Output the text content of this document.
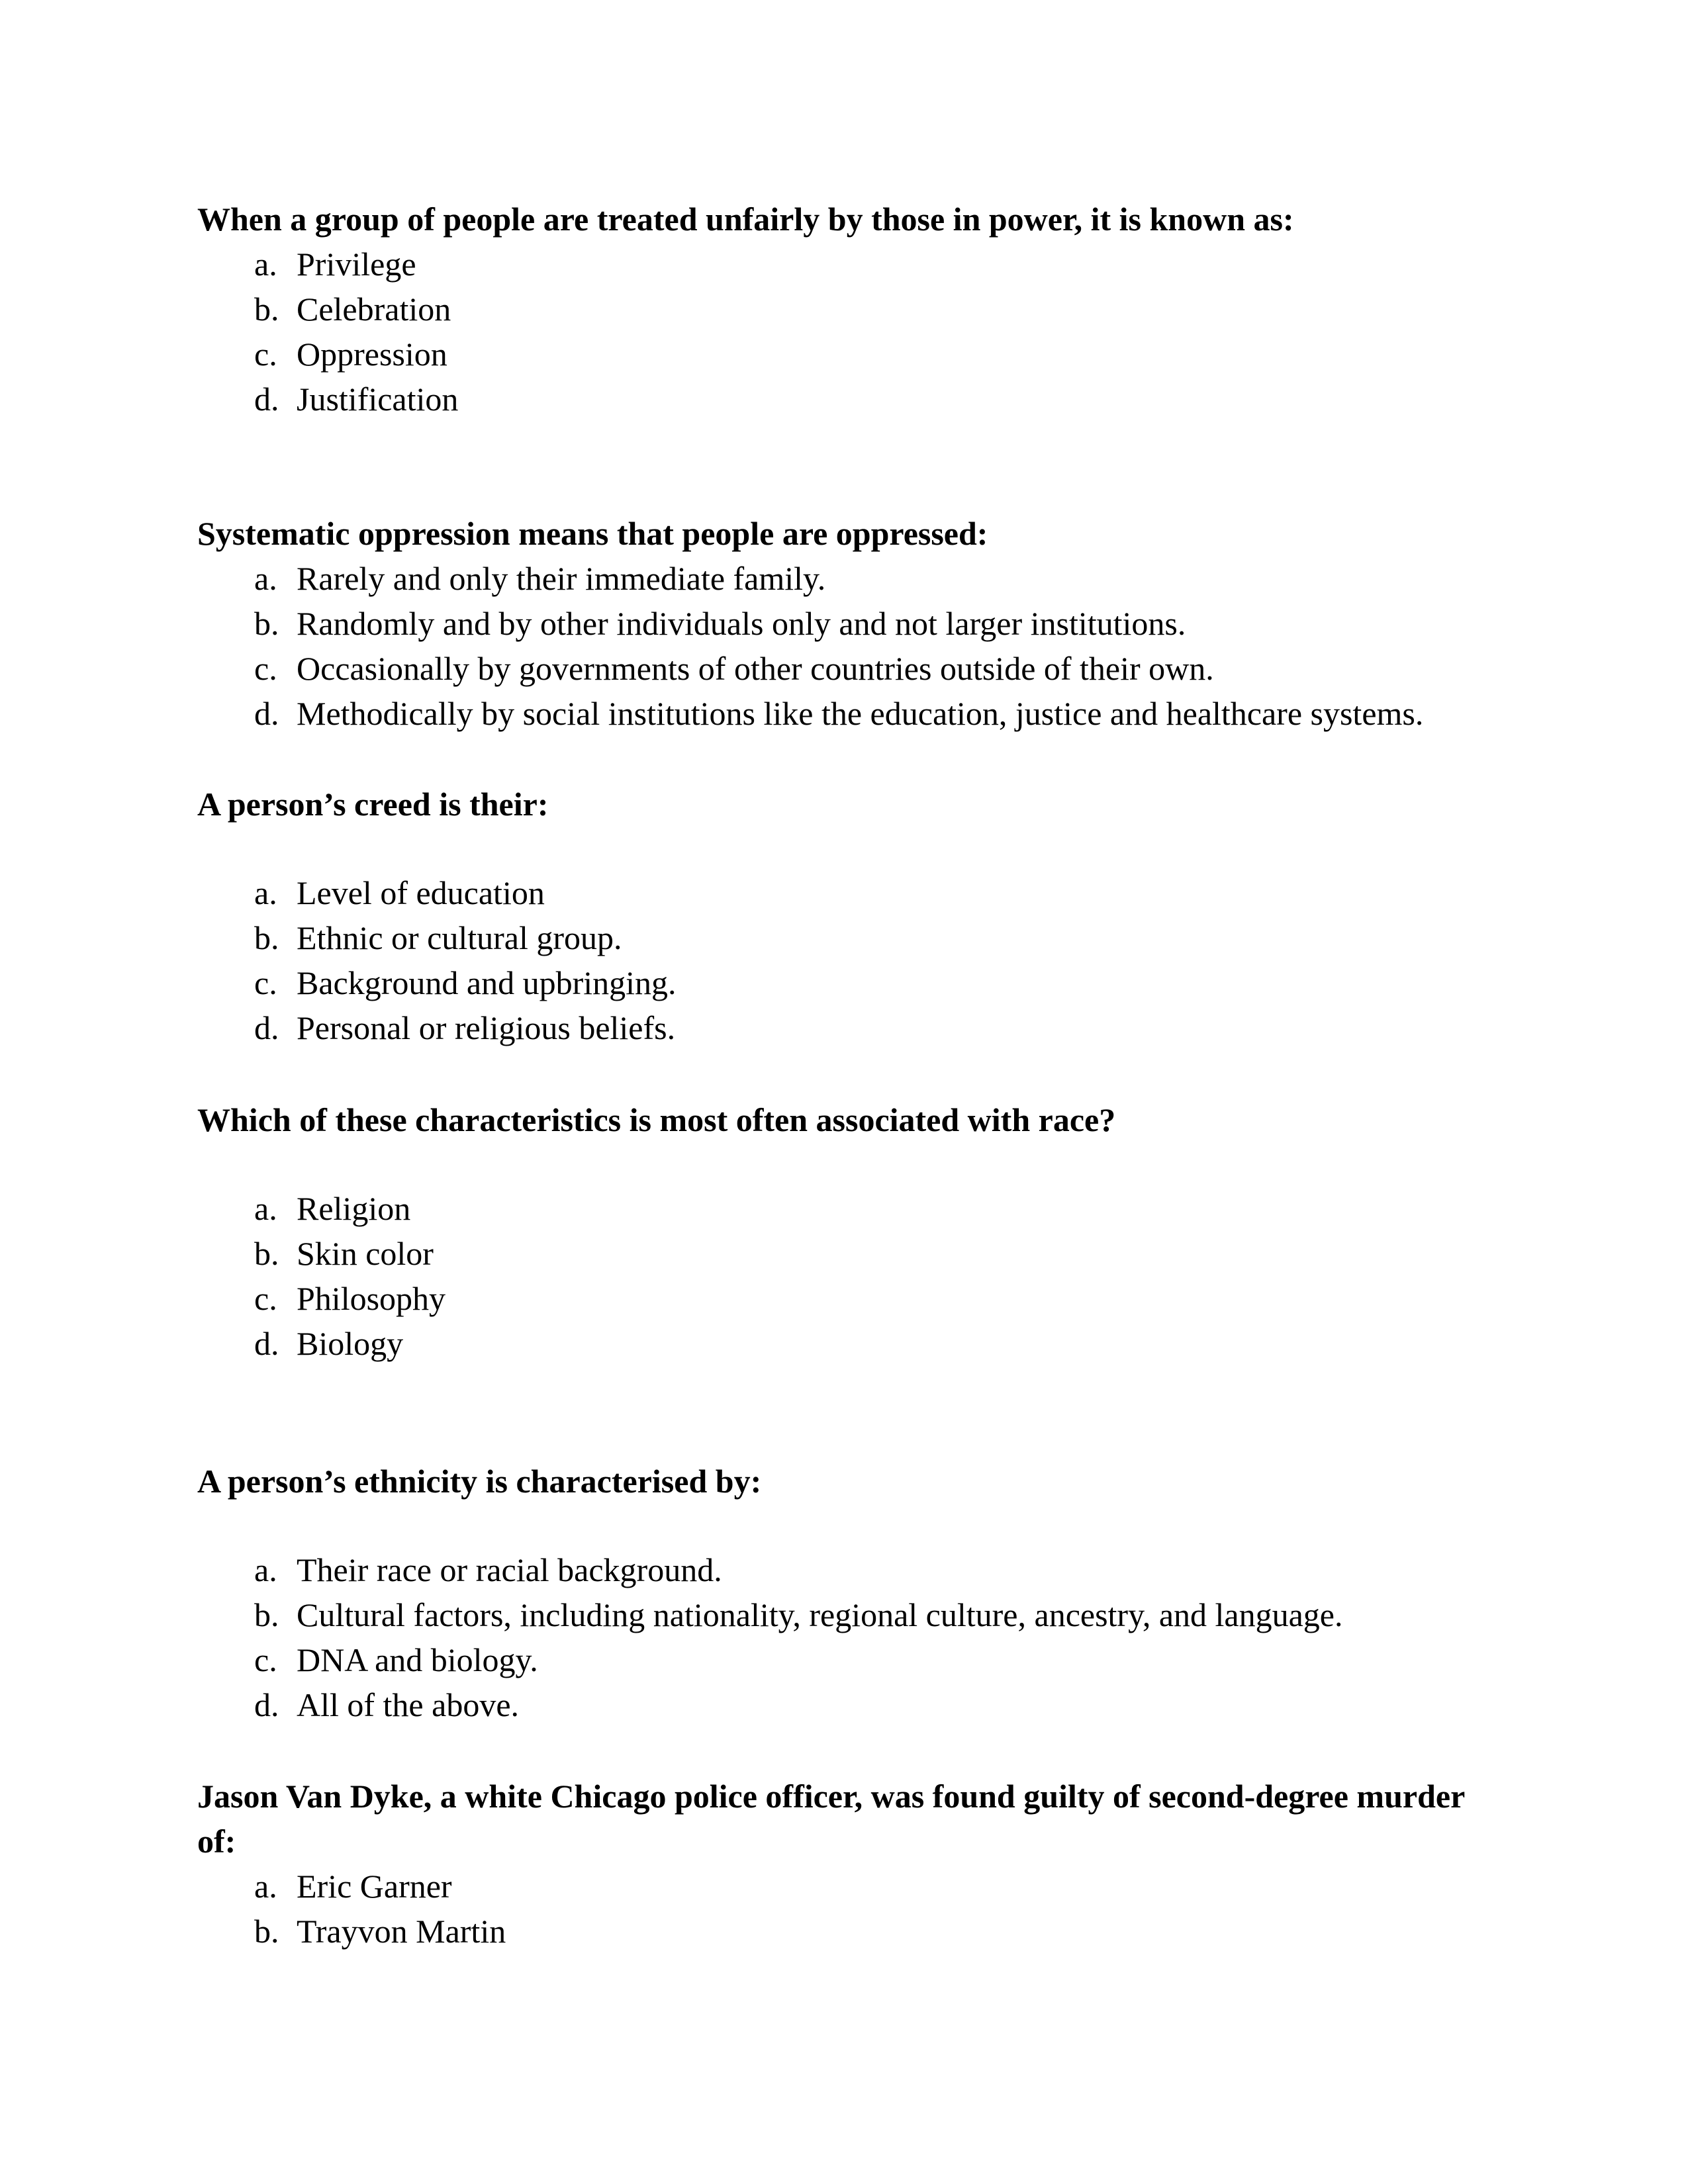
When a group of people are treated unfairly by those in power, it is known as:

a. Privilege
b. Celebration
c. Oppression
d. Justification

Systematic oppression means that people are oppressed:

a. Rarely and only their immediate family.
b. Randomly and by other individuals only and not larger institutions.
c. Occasionally by governments of other countries outside of their own.
d. Methodically by social institutions like the education, justice and healthcare systems.

A person’s creed is their:

a. Level of education
b. Ethnic or cultural group.
c. Background and upbringing.
d. Personal or religious beliefs.

Which of these characteristics is most often associated with race?

a. Religion
b. Skin color
c. Philosophy
d. Biology

A person’s ethnicity is characterised by:

a. Their race or racial background.
b. Cultural factors, including nationality, regional culture, ancestry, and language.
c. DNA and biology.
d. All of the above.

Jason Van Dyke, a white Chicago police officer, was found guilty of second-degree murder of:

a. Eric Garner
b. Trayvon Martin
